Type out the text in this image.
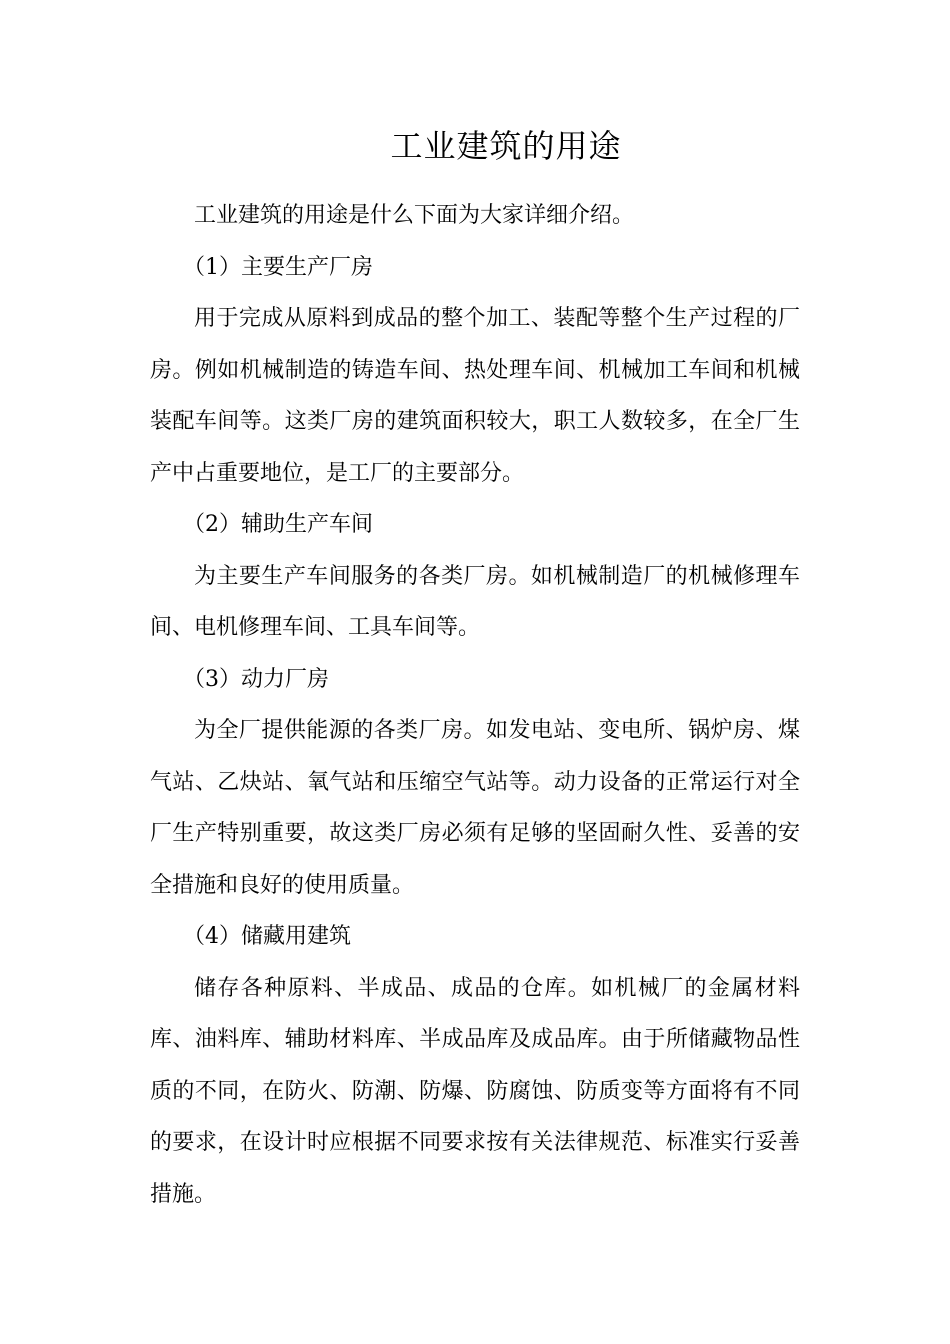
工业建筑的用途

工业建筑的用途是什么下面为大家详细介绍。

（1）主要生产厂房

用于完成从原料到成品的整个加工、装配等整个生产过程的厂房。例如机械制造的铸造车间、热处理车间、机械加工车间和机械装配车间等。这类厂房的建筑面积较大，职工人数较多，在全厂生产中占重要地位，是工厂的主要部分。

（2）辅助生产车间

为主要生产车间服务的各类厂房。如机械制造厂的机械修理车间、电机修理车间、工具车间等。

（3）动力厂房

为全厂提供能源的各类厂房。如发电站、变电所、锅炉房、煤气站、乙炔站、氧气站和压缩空气站等。动力设备的正常运行对全厂生产特别重要，故这类厂房必须有足够的坚固耐久性、妥善的安全措施和良好的使用质量。

（4）储藏用建筑

储存各种原料、半成品、成品的仓库。如机械厂的金属材料库、油料库、辅助材料库、半成品库及成品库。由于所储藏物品性质的不同，在防火、防潮、防爆、防腐蚀、防质变等方面将有不同的要求，在设计时应根据不同要求按有关法律规范、标准实行妥善措施。
